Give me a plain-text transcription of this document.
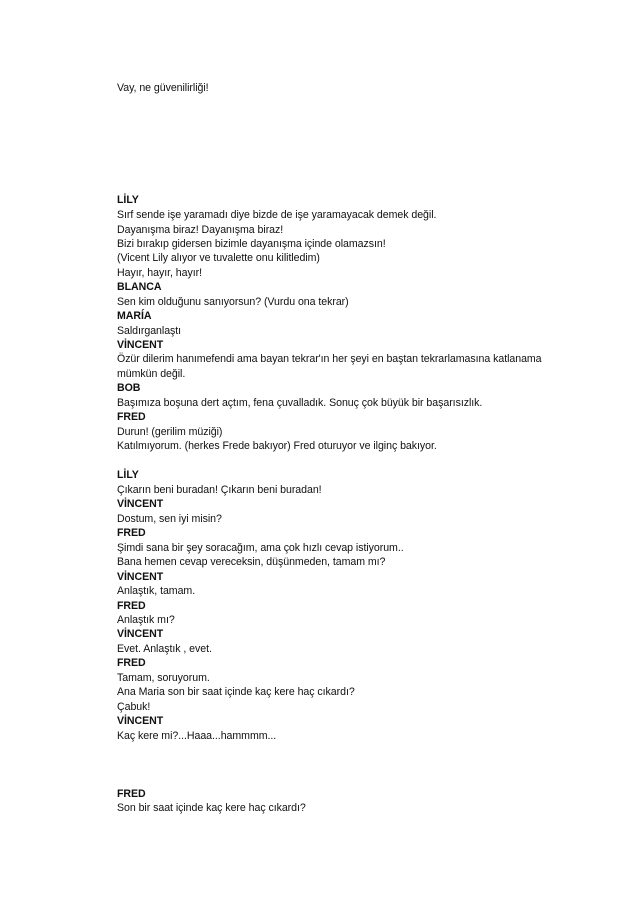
Vay, ne güvenilirliği!
LİLY
Sırf sende işe yaramadı diye bizde de işe yaramayacak demek değil.
Dayanışma biraz! Dayanışma biraz!
Bizi bırakıp gidersen bizimle dayanışma içinde olamazsın!
(Vicent Lily alıyor ve tuvalette onu kilitledim)
Hayır, hayır, hayır!
BLANCA
Sen kim olduğunu sanıyorsun? (Vurdu ona tekrar)
MARÍA
Saldırganlaştı
VİNCENT
Özür dilerim hanımefendi ama bayan tekrar'ın her şeyi en baştan tekrarlamasına katlanama
mümkün değil.
BOB
Başımıza boşuna dert açtım, fena çuvalladık. Sonuç çok büyük bir başarısızlık.
FRED
Durun! (gerilim müziği)
Katılmıyorum. (herkes Frede bakıyor) Fred oturuyor ve ilginç bakıyor.
LİLY
Çıkarın beni buradan! Çıkarın beni buradan!
VİNCENT
Dostum, sen iyi misin?
FRED
Şimdi sana bir şey soracağım, ama çok hızlı cevap istiyorum..
Bana hemen cevap vereceksin, düşünmeden, tamam mı?
VİNCENT
Anlaştık, tamam.
FRED
Anlaştık mı?
VİNCENT
Evet. Anlaştık , evet.
FRED
Tamam, soruyorum.
Ana Maria son bir saat içinde kaç kere haç cıkardı?
Çabuk!
VİNCENT
Kaç kere mi?...Haaa...hammmm...
FRED
Son bir saat içinde kaç kere haç cıkardı?
